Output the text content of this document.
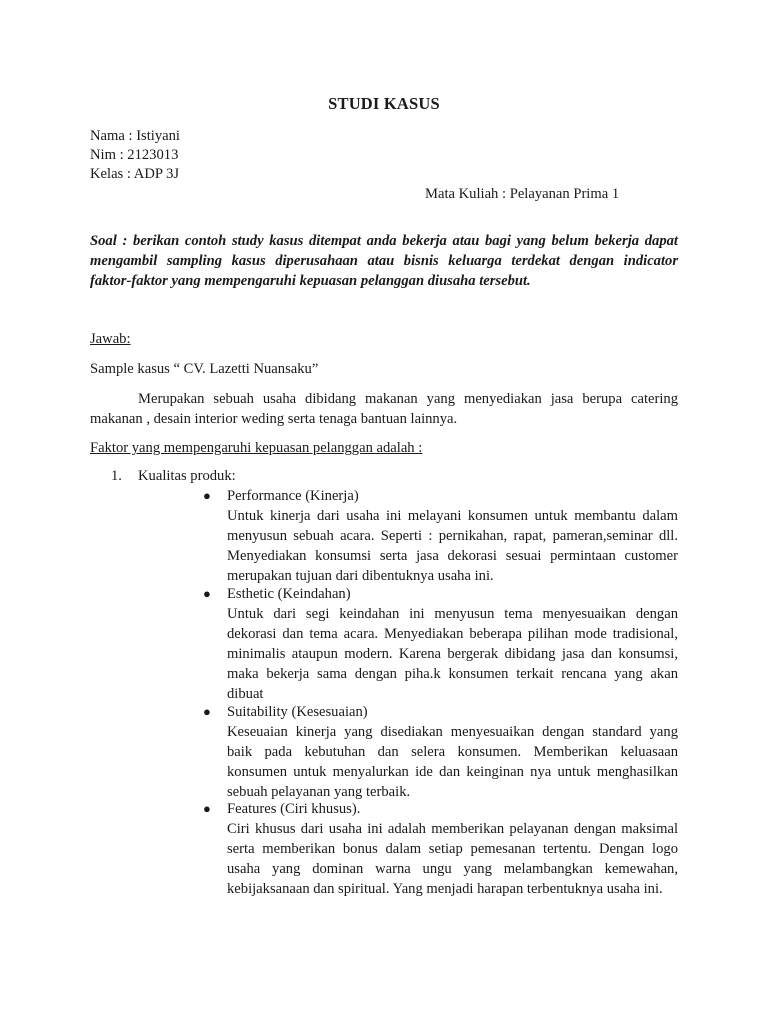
STUDI KASUS
Nama : Istiyani
Nim : 2123013
Kelas : ADP 3J
Mata Kuliah : Pelayanan Prima 1
Soal : berikan contoh study kasus ditempat anda bekerja atau bagi yang belum bekerja dapat
mengambil sampling kasus diperusahaan atau bisnis keluarga terdekat dengan indicator
faktor-faktor yang mempengaruhi kepuasan pelanggan diusaha tersebut.
Jawab:
Sample kasus “ CV. Lazetti Nuansaku”
Merupakan sebuah usaha dibidang makanan yang menyediakan jasa berupa catering
makanan , desain interior weding serta tenaga bantuan lainnya.
Faktor yang mempengaruhi kepuasan pelanggan adalah :
1. Kualitas produk:
● Performance (Kinerja)
Untuk kinerja dari usaha ini melayani konsumen untuk membantu dalam
menyusun sebuah acara. Seperti : pernikahan, rapat, pameran,seminar dll.
Menyediakan konsumsi serta jasa dekorasi sesuai permintaan customer
merupakan tujuan dari dibentuknya usaha ini.
● Esthetic (Keindahan)
Untuk dari segi keindahan ini menyusun tema menyesuaikan dengan
dekorasi dan tema acara. Menyediakan beberapa pilihan mode tradisional,
minimalis ataupun modern. Karena bergerak dibidang jasa dan konsumsi,
maka bekerja sama dengan piha.k konsumen terkait rencana yang akan
dibuat
● Suitability (Kesesuaian)
Keseuaian kinerja yang disediakan menyesuaikan dengan standard yang
baik pada kebutuhan dan selera konsumen. Memberikan keluasaan
konsumen untuk menyalurkan ide dan keinginan nya untuk menghasilkan
sebuah pelayanan yang terbaik.
● Features (Ciri khusus).
Ciri khusus dari usaha ini adalah memberikan pelayanan dengan maksimal
serta memberikan bonus dalam setiap pemesanan tertentu. Dengan logo
usaha yang dominan warna ungu yang melambangkan kemewahan,
kebijaksanaan dan spiritual. Yang menjadi harapan terbentuknya usaha ini.
